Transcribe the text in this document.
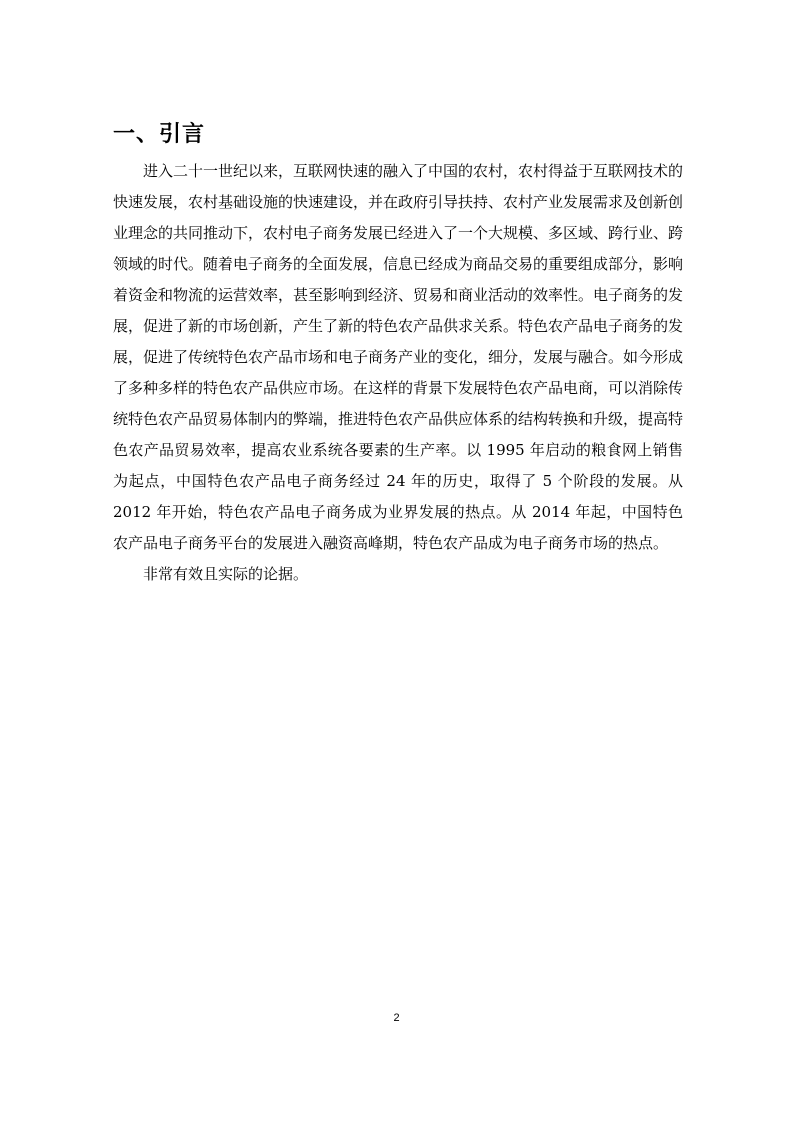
一、引言

进入二十一世纪以来，互联网快速的融入了中国的农村，农村得益于互联网技术的快速发展，农村基础设施的快速建设，并在政府引导扶持、农村产业发展需求及创新创业理念的共同推动下，农村电子商务发展已经进入了一个大规模、多区域、跨行业、跨领域的时代。随着电子商务的全面发展，信息已经成为商品交易的重要组成部分，影响着资金和物流的运营效率，甚至影响到经济、贸易和商业活动的效率性。电子商务的发展，促进了新的市场创新，产生了新的特色农产品供求关系。特色农产品电子商务的发展，促进了传统特色农产品市场和电子商务产业的变化，细分，发展与融合。如今形成了多种多样的特色农产品供应市场。在这样的背景下发展特色农产品电商，可以消除传统特色农产品贸易体制内的弊端，推进特色农产品供应体系的结构转换和升级，提高特色农产品贸易效率，提高农业系统各要素的生产率。以 1995 年启动的粮食网上销售为起点，中国特色农产品电子商务经过 24 年的历史，取得了 5 个阶段的发展。从 2012 年开始，特色农产品电子商务成为业界发展的热点。从 2014 年起，中国特色农产品电子商务平台的发展进入融资高峰期，特色农产品成为电子商务市场的热点。

非常有效且实际的论据。

2
